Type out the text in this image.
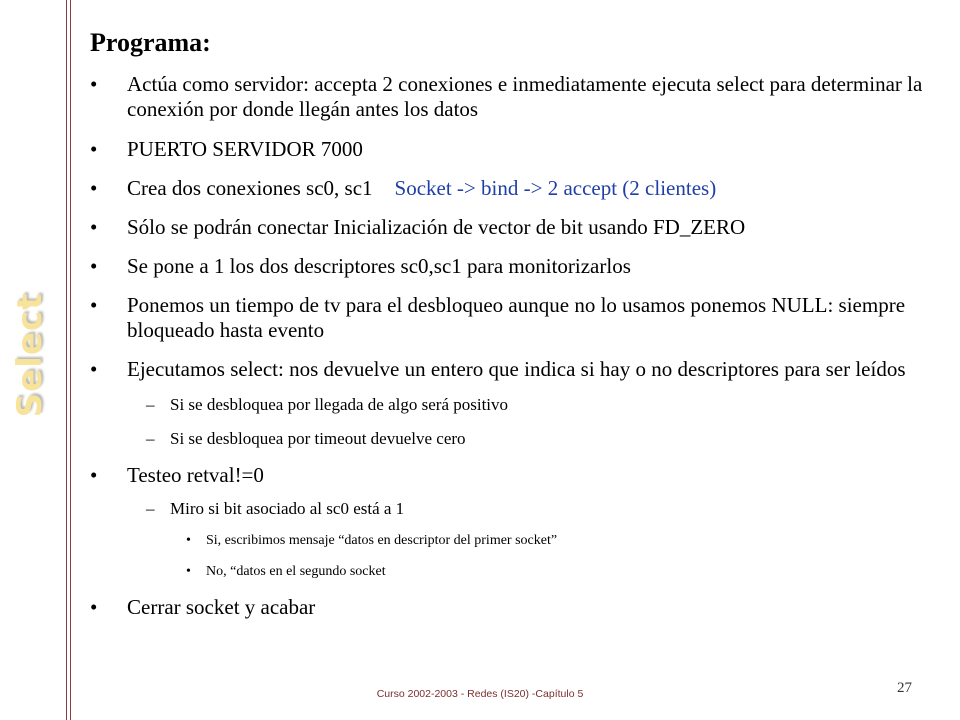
Select
Programa:
• Actúa como servidor: accepta 2 conexiones e inmediatamente ejecuta select para determinar la conexión por donde llegán antes los datos
• PUERTO SERVIDOR 7000
• Crea dos conexiones sc0, sc1 Socket -> bind -> 2 accept (2 clientes)
• Sólo se podrán conectar Inicialización de vector de bit usando FD_ZERO
• Se pone a 1 los dos descriptores sc0,sc1 para monitorizarlos
• Ponemos un tiempo de tv para el desbloqueo aunque no lo usamos ponemos NULL: siempre bloqueado hasta evento
• Ejecutamos select: nos devuelve un entero que indica si hay o no descriptores para ser leídos
– Si se desbloquea por llegada de algo será positivo
– Si se desbloquea por timeout devuelve cero
• Testeo retval!=0
– Miro si bit asociado al sc0 está a 1
• Si, escribimos mensaje “datos en descriptor del primer socket”
• No, “datos en el segundo socket
• Cerrar socket y acabar
Curso 2002-2003 - Redes (IS20) -Capítulo 5	27
